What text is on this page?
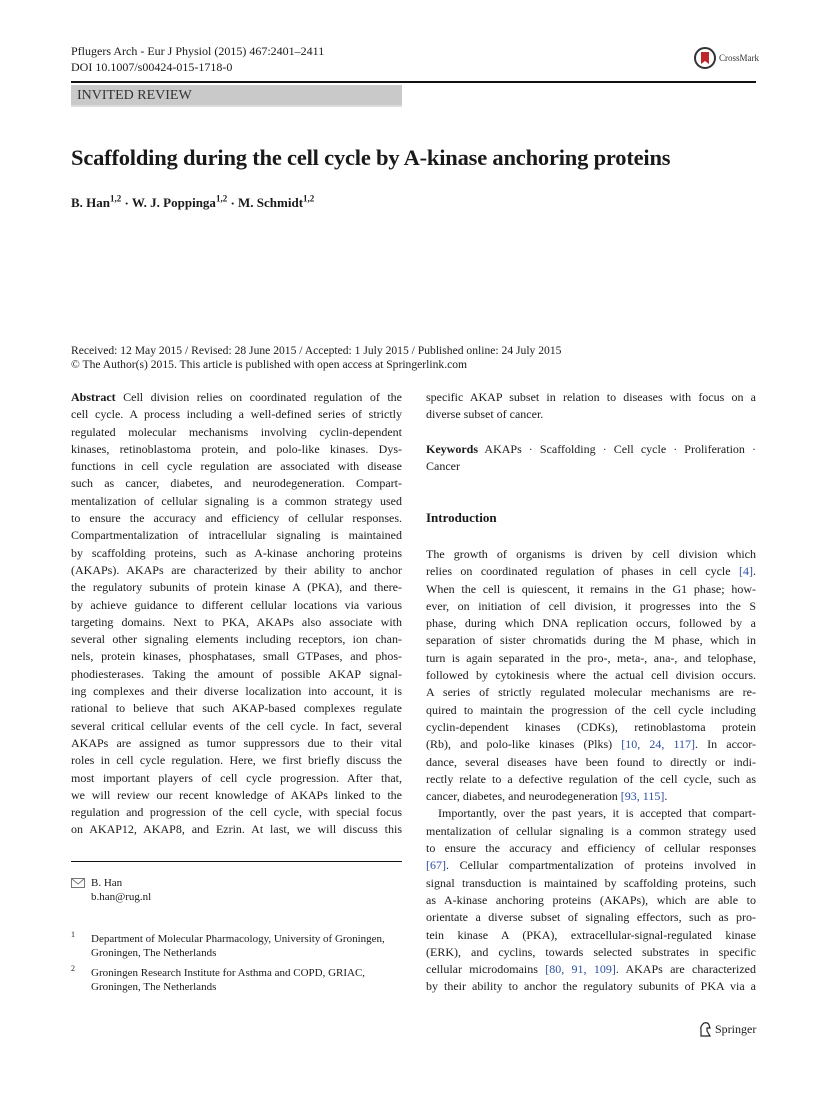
Pflugers Arch - Eur J Physiol (2015) 467:2401–2411
DOI 10.1007/s00424-015-1718-0
CrossMark
INVITED REVIEW
Scaffolding during the cell cycle by A-kinase anchoring proteins
B. Han$^{1,2}$ · W. J. Poppinga$^{1,2}$ · M. Schmidt$^{1,2}$
Received: 12 May 2015 / Revised: 28 June 2015 / Accepted: 1 July 2015 / Published online: 24 July 2015
© The Author(s) 2015. This article is published with open access at Springerlink.com
Abstract Cell division relies on coordinated regulation of the
cell cycle. A process including a well-defined series of strictly
regulated molecular mechanisms involving cyclin-dependent
kinases, retinoblastoma protein, and polo-like kinases. Dys-
functions in cell cycle regulation are associated with disease
such as cancer, diabetes, and neurodegeneration. Compart-
mentalization of cellular signaling is a common strategy used
to ensure the accuracy and efficiency of cellular responses.
Compartmentalization of intracellular signaling is maintained
by scaffolding proteins, such as A-kinase anchoring proteins
(AKAPs). AKAPs are characterized by their ability to anchor
the regulatory subunits of protein kinase A (PKA), and there-
by achieve guidance to different cellular locations via various
targeting domains. Next to PKA, AKAPs also associate with
several other signaling elements including receptors, ion chan-
nels, protein kinases, phosphatases, small GTPases, and phos-
phodiesterases. Taking the amount of possible AKAP signal-
ing complexes and their diverse localization into account, it is
rational to believe that such AKAP-based complexes regulate
several critical cellular events of the cell cycle. In fact, several
AKAPs are assigned as tumor suppressors due to their vital
roles in cell cycle regulation. Here, we first briefly discuss the
most important players of cell cycle progression. After that,
we will review our recent knowledge of AKAPs linked to the
regulation and progression of the cell cycle, with special focus
on AKAP12, AKAP8, and Ezrin. At last, we will discuss this
specific AKAP subset in relation to diseases with focus on a
diverse subset of cancer.
Keywords AKAPs · Scaffolding · Cell cycle · Proliferation ·
Cancer
Introduction
The growth of organisms is driven by cell division which
relies on coordinated regulation of phases in cell cycle [4].
When the cell is quiescent, it remains in the G1 phase; how-
ever, on initiation of cell division, it progresses into the S
phase, during which DNA replication occurs, followed by a
separation of sister chromatids during the M phase, which in
turn is again separated in the pro-, meta-, ana-, and telophase,
followed by cytokinesis where the actual cell division occurs.
A series of strictly regulated molecular mechanisms are re-
quired to maintain the progression of the cell cycle including
cyclin-dependent kinases (CDKs), retinoblastoma protein
(Rb), and polo-like kinases (Plks) [10, 24, 117]. In accor-
dance, several diseases have been found to directly or indi-
rectly relate to a defective regulation of the cell cycle, such as
cancer, diabetes, and neurodegeneration [93, 115].
Importantly, over the past years, it is accepted that compart-
mentalization of cellular signaling is a common strategy used
to ensure the accuracy and efficiency of cellular responses
[67]. Cellular compartmentalization of proteins involved in
signal transduction is maintained by scaffolding proteins, such
as A-kinase anchoring proteins (AKAPs), which are able to
orientate a diverse subset of signaling effectors, such as pro-
tein kinase A (PKA), extracellular-signal-regulated kinase
(ERK), and cyclins, towards selected substrates in specific
cellular microdomains [80, 91, 109]. AKAPs are characterized
by their ability to anchor the regulatory subunits of PKA via a
B. Han
b.han@rug.nl
1 Department of Molecular Pharmacology, University of Groningen,
Groningen, The Netherlands
2 Groningen Research Institute for Asthma and COPD, GRIAC,
Groningen, The Netherlands
Springer
